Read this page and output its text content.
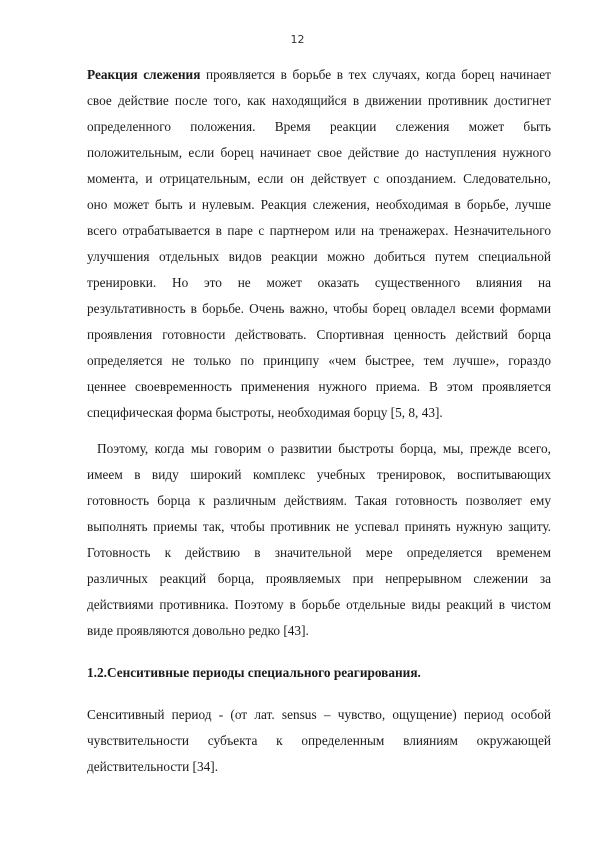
12
Реакция слежения проявляется в борьбе в тех случаях, когда борец начинает
свое действие после того, как находящийся в движении противник достигнет
определенного положения. Время реакции слежения может быть
положительным, если борец начинает свое действие до наступления нужного
момента, и отрицательным, если он действует с опозданием. Следовательно,
оно может быть и нулевым. Реакция слежения, необходимая в борьбе, лучше
всего отрабатывается в паре с партнером или на тренажерах. Незначительного
улучшения отдельных видов реакции можно добиться путем специальной
тренировки. Но это не может оказать существенного влияния на
результативность в борьбе. Очень важно, чтобы борец овладел всеми формами
проявления готовности действовать. Спортивная ценность действий борца
определяется не только по принципу «чем быстрее, тем лучше», гораздо
ценнее своевременность применения нужного приема. В этом проявляется
специфическая форма быстроты, необходимая борцу [5, 8, 43].
Поэтому, когда мы говорим о развитии быстроты борца, мы, прежде всего,
имеем в виду широкий комплекс учебных тренировок, воспитывающих
готовность борца к различным действиям. Такая готовность позволяет ему
выполнять приемы так, чтобы противник не успевал принять нужную защиту.
Готовность к действию в значительной мере определяется временем
различных реакций борца, проявляемых при непрерывном слежении за
действиями противника. Поэтому в борьбе отдельные виды реакций в чистом
виде проявляются довольно редко [43].
1.2.Сенситивные периоды специального реагирования.
Сенситивный период - (от лат. sensus – чувство, ощущение) период особой
чувствительности субъекта к определенным влияниям окружающей
действительности [34].
